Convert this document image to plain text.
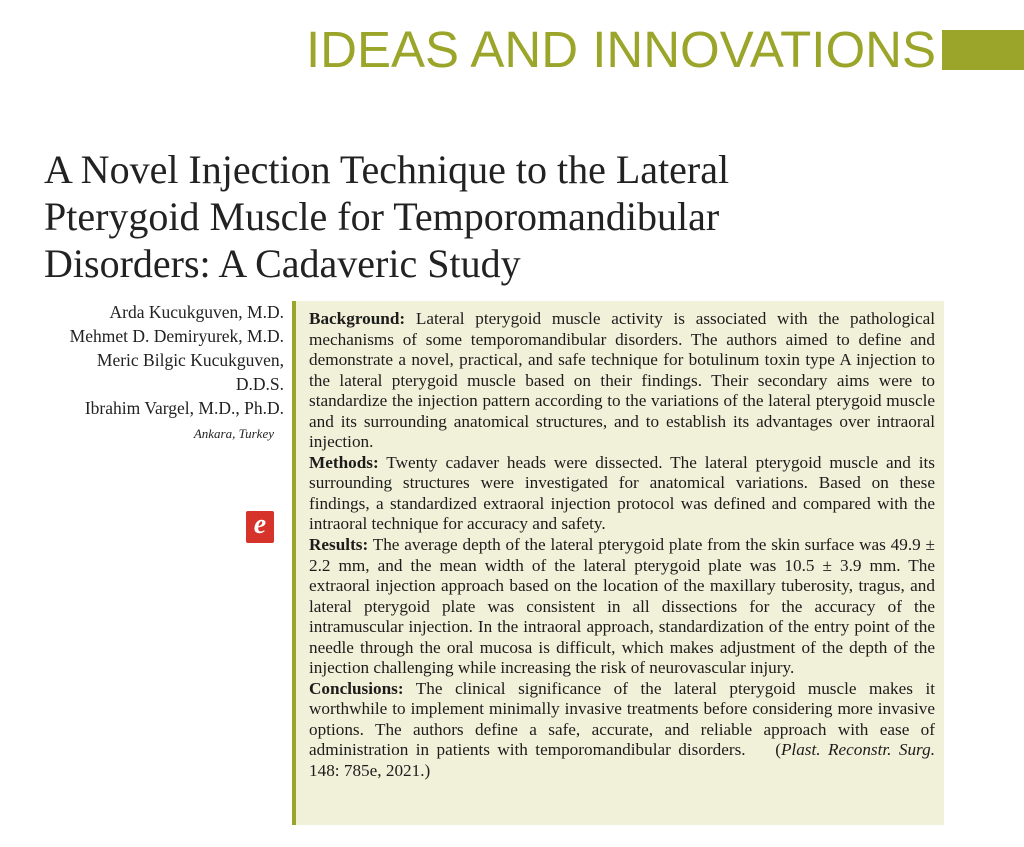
IDEAS AND INNOVATIONS
A Novel Injection Technique to the Lateral
Pterygoid Muscle for Temporomandibular
Disorders: A Cadaveric Study
Arda Kucukguven, M.D.
Mehmet D. Demiryurek, M.D.
Meric Bilgic Kucukguven,
D.D.S.
Ibrahim Vargel, M.D., Ph.D.
Ankara, Turkey
e

Background: Lateral pterygoid muscle activity is associated with the pathological mechanisms of some temporomandibular disorders. The authors aimed to define and demonstrate a novel, practical, and safe technique for botulinum toxin type A injection to the lateral pterygoid muscle based on their findings. Their secondary aims were to standardize the injection pattern according to the variations of the lateral pterygoid muscle and its surrounding anatomical structures, and to establish its advantages over intraoral injection.

Methods: Twenty cadaver heads were dissected. The lateral pterygoid muscle and its surrounding structures were investigated for anatomical variations. Based on these findings, a standardized extraoral injection protocol was defined and compared with the intraoral technique for accuracy and safety.

Results: The average depth of the lateral pterygoid plate from the skin surface was 49.9 ± 2.2 mm, and the mean width of the lateral pterygoid plate was 10.5 ± 3.9 mm. The extraoral injection approach based on the location of the maxillary tuberosity, tragus, and lateral pterygoid plate was consistent in all dissections for the accuracy of the intramuscular injection. In the intraoral approach, standardization of the entry point of the needle through the oral mucosa is difficult, which makes adjustment of the depth of the injection challenging while increasing the risk of neurovascular injury.

Conclusions: The clinical significance of the lateral pterygoid muscle makes it worthwhile to implement minimally invasive treatments before considering more invasive options. The authors define a safe, accurate, and reliable approach with ease of administration in patients with temporomandibular disorders. (Plast. Reconstr. Surg. 148: 785e, 2021.)
